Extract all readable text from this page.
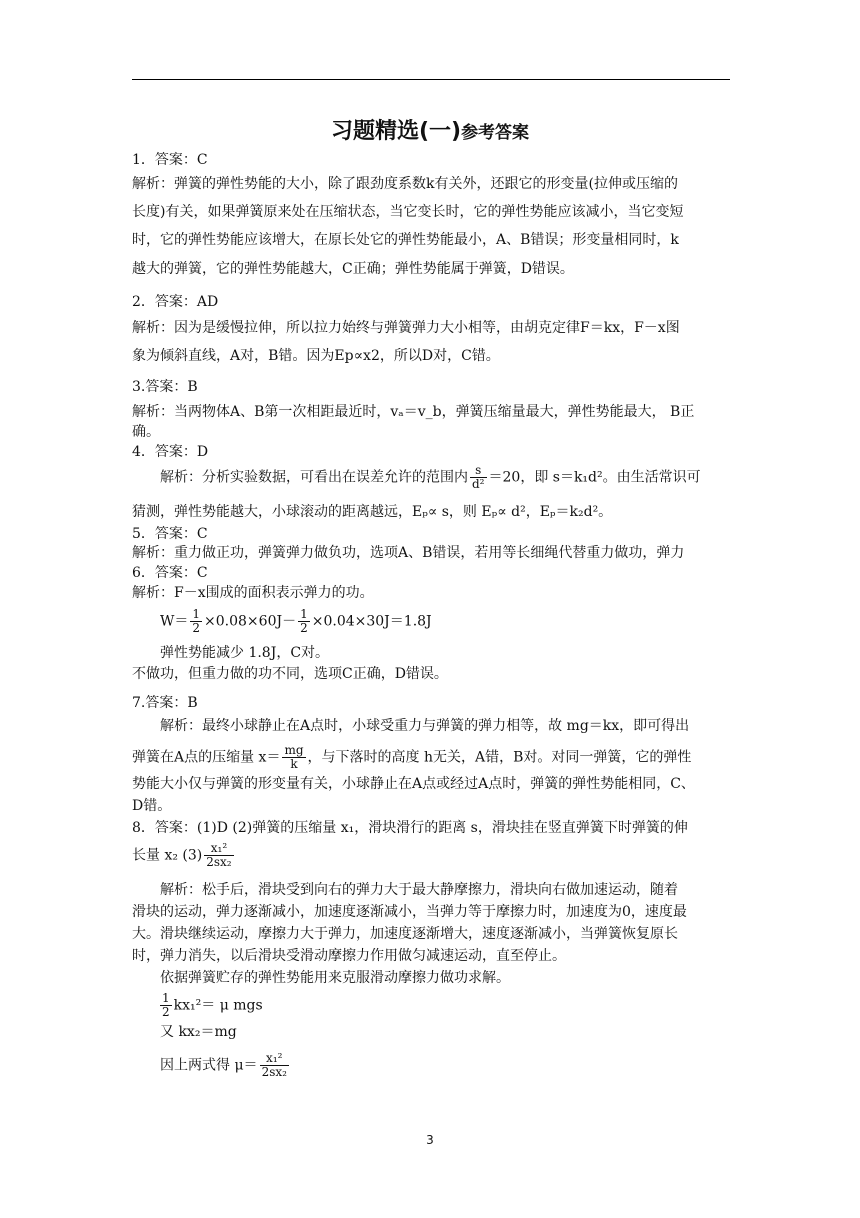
习题精选(一)参考答案
1．答案：C
解析：弹簧的弹性势能的大小，除了跟劲度系数k有关外，还跟它的形变量(拉伸或压缩的
长度)有关，如果弹簧原来处在压缩状态，当它变长时，它的弹性势能应该减小，当它变短
时，它的弹性势能应该增大，在原长处它的弹性势能最小，A、B错误；形变量相同时，k
越大的弹簧，它的弹性势能越大，C正确；弹性势能属于弹簧，D错误。
2．答案：AD
解析：因为是缓慢拉伸，所以拉力始终与弹簧弹力大小相等，由胡克定律F＝kx，F－x图
象为倾斜直线，A对，B错。因为Ep∝x2，所以D对，C错。
3.答案：B
解析：当两物体A、B第一次相距最近时，vₐ＝v_b，弹簧压缩量最大，弹性势能最大， B正
确。
4．答案：D
解析：分析实验数据，可看出在误差允许的范围内 $\frac{s}{\text{d²}} =20$，即 s＝k₁d²。由生活常识可
猜测，弹性势能越大，小球滚动的距离越远，Eₚ∝ s，则 Eₚ∝ d²，Eₚ＝k₂d²。
5．答案：C
解析：重力做正功，弹簧弹力做负功，选项A、B错误，若用等长细绳代替重力做功，弹力
6．答案：C
解析：F－x围成的面积表示弹力的功。
$W= \frac{1}{2} \times 0.08\times 60J- \frac{1}{2} \times 0.04\times 30J=1.8J$
弹性势能减少 1.8J，C对。
不做功，但重力做的功不同，选项C正确，D错误。
7.答案：B
解析：最终小球静止在A点时，小球受重力与弹簧的弹力相等，故 mg＝kx，即可得出
弹簧在A点的压缩量 $x= \frac{mg}{k}$ ，与下落时的高度 h无关，A错，B对。对同一弹簧，它的弹性
势能大小仅与弹簧的形变量有关，小球静止在A点或经过A点时，弹簧的弹性势能相同，C、
D错。
8．答案：(1)D (2)弹簧的压缩量 x₁，滑块滑行的距离 s，滑块挂在竖直弹簧下时弹簧的伸
长量 x₂ $(3) \frac{\text{x₁²}}{\text{2sx₂}}$
解析：松手后，滑块受到向右的弹力大于最大静摩擦力，滑块向右做加速运动，随着
滑块的运动，弹力逐渐减小，加速度逐渐减小，当弹力等于摩擦力时，加速度为0，速度最
大。滑块继续运动，摩擦力大于弹力，加速度逐渐增大，速度逐渐减小，当弹簧恢复原长
时，弹力消失，以后滑块受滑动摩擦力作用做匀减速运动，直至停止。
依据弹簧贮存的弹性势能用来克服滑动摩擦力做功求解。
$\frac{1}{2} kx_1^2= \mu$ mgs
又 kx₂＝mg
因上两式得 $\mu= \frac{\text{x₁²}}{\text{2sx₂}}$
3
